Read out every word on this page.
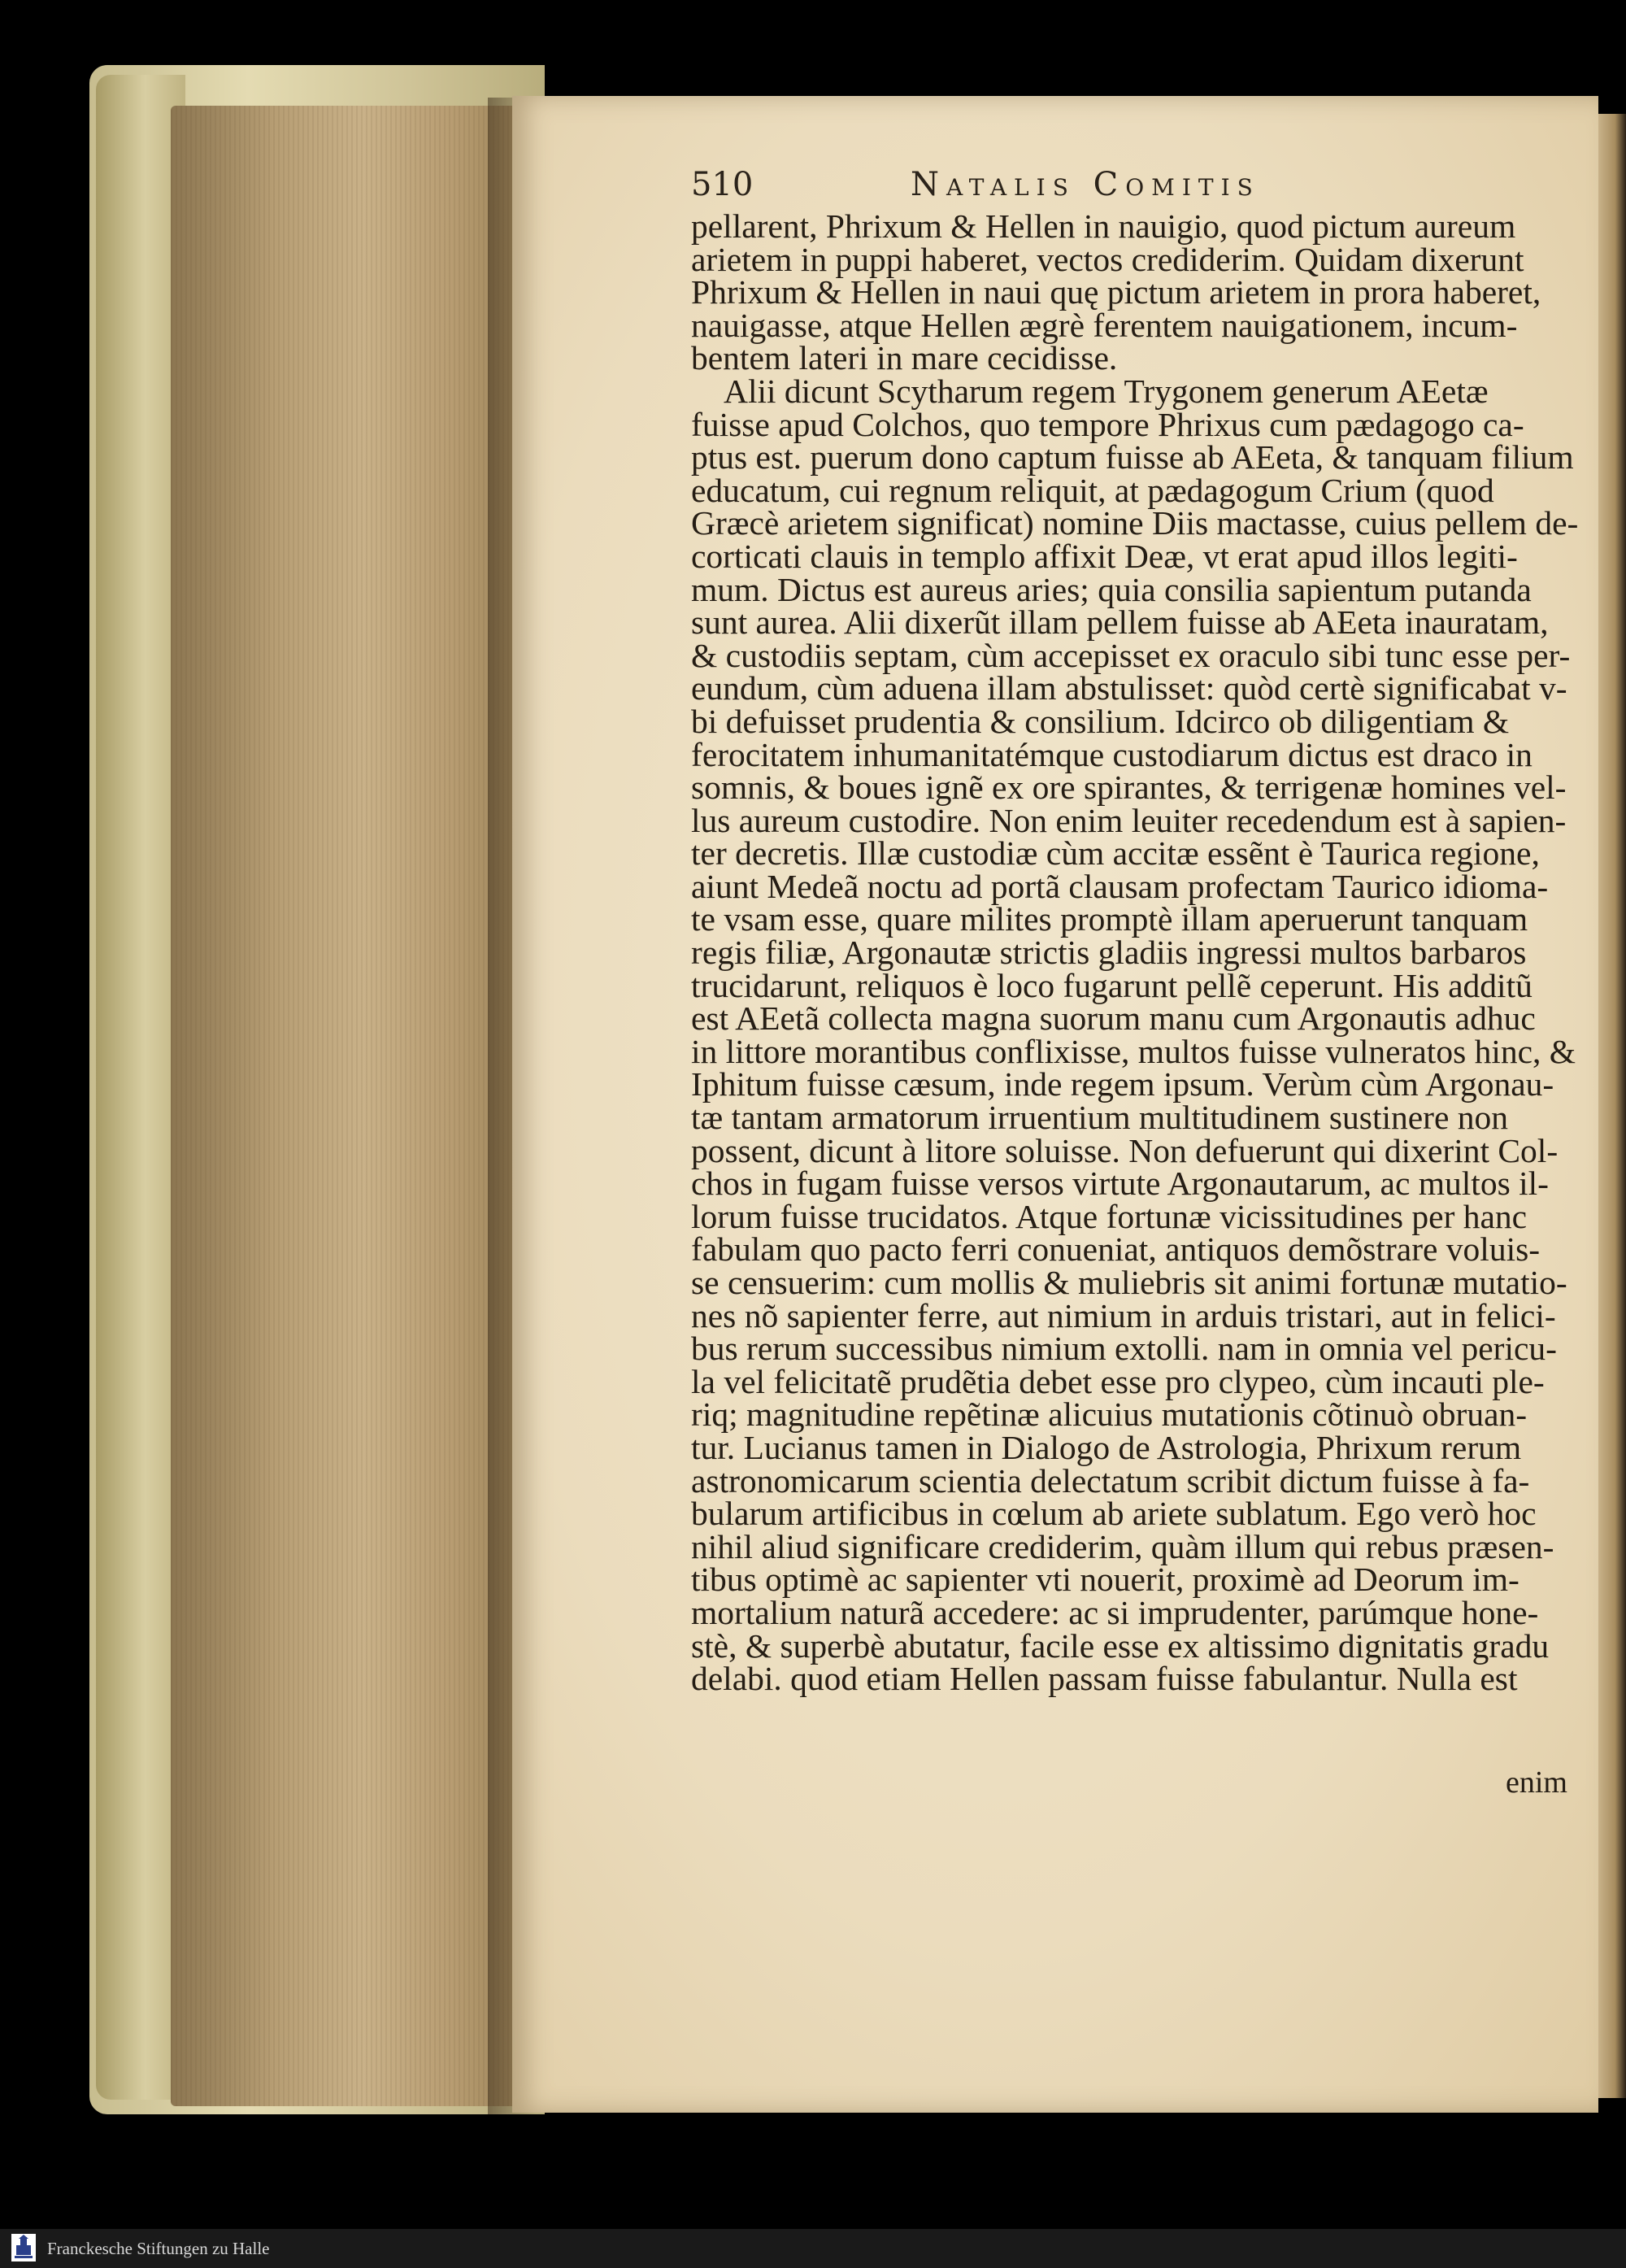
510	Natalis Comitis
pellarent, Phrixum & Hellen in nauigio, quod pictum aureum
arietem in puppi haberet, vectos crediderim. Quidam dixerunt
Phrixum & Hellen in naui quę pictum arietem in prora haberet,
nauigasse, atque Hellen ægrè ferentem nauigationem, incum-
bentem lateri in mare cecidisse.
Alii dicunt Scytharum regem Trygonem generum AEetæ
fuisse apud Colchos, quo tempore Phrixus cum pædagogo ca-
ptus est. puerum dono captum fuisse ab AEeta, & tanquam filium
educatum, cui regnum reliquit, at pædagogum Crium (quod
Græcè arietem significat) nomine Diis mactasse, cuius pellem de-
corticati clauis in templo affixit Deæ, vt erat apud illos legiti-
mum. Dictus est aureus aries; quia consilia sapientum putanda
sunt aurea. Alii dixerũt illam pellem fuisse ab AEeta inauratam,
& custodiis septam, cùm accepisset ex oraculo sibi tunc esse per-
eundum, cùm aduena illam abstulisset: quòd certè significabat v-
bi defuisset prudentia & consilium. Idcirco ob diligentiam &
ferocitatem inhumanitatémque custodiarum dictus est draco in
somnis, & boues ignẽ ex ore spirantes, & terrigenæ homines vel-
lus aureum custodire. Non enim leuiter recedendum est à sapien-
ter decretis. Illæ custodiæ cùm accitæ essẽnt è Taurica regione,
aiunt Medeã noctu ad portã clausam profectam Taurico idioma-
te vsam esse, quare milites promptè illam aperuerunt tanquam
regis filiæ, Argonautæ strictis gladiis ingressi multos barbaros
trucidarunt, reliquos è loco fugarunt pellẽ ceperunt. His additũ
est AEetã collecta magna suorum manu cum Argonautis adhuc
in littore morantibus conflixisse, multos fuisse vulneratos hinc, &
Iphitum fuisse cæsum, inde regem ipsum. Verùm cùm Argonau-
tæ tantam armatorum irruentium multitudinem sustinere non
possent, dicunt à litore soluisse. Non defuerunt qui dixerint Col-
chos in fugam fuisse versos virtute Argonautarum, ac multos il-
lorum fuisse trucidatos. Atque fortunæ vicissitudines per hanc
fabulam quo pacto ferri conueniat, antiquos demõstrare voluis-
se censuerim: cum mollis & muliebris sit animi fortunæ mutatio-
nes nõ sapienter ferre, aut nimium in arduis tristari, aut in felici-
bus rerum successibus nimium extolli. nam in omnia vel pericu-
la vel felicitatẽ prudẽtia debet esse pro clypeo, cùm incauti ple-
riq; magnitudine repẽtinæ alicuius mutationis cõtinuò obruan-
tur. Lucianus tamen in Dialogo de Astrologia, Phrixum rerum
astronomicarum scientia delectatum scribit dictum fuisse à fa-
bularum artificibus in cœlum ab ariete sublatum. Ego verò hoc
nihil aliud significare crediderim, quàm illum qui rebus præsen-
tibus optimè ac sapienter vti nouerit, proximè ad Deorum im-
mortalium naturã accedere: ac si imprudenter, parúmque hone-
stè, & superbè abutatur, facile esse ex altissimo dignitatis gradu
delabi. quod etiam Hellen passam fuisse fabulantur. Nulla est
enim
Franckesche Stiftungen zu Halle
